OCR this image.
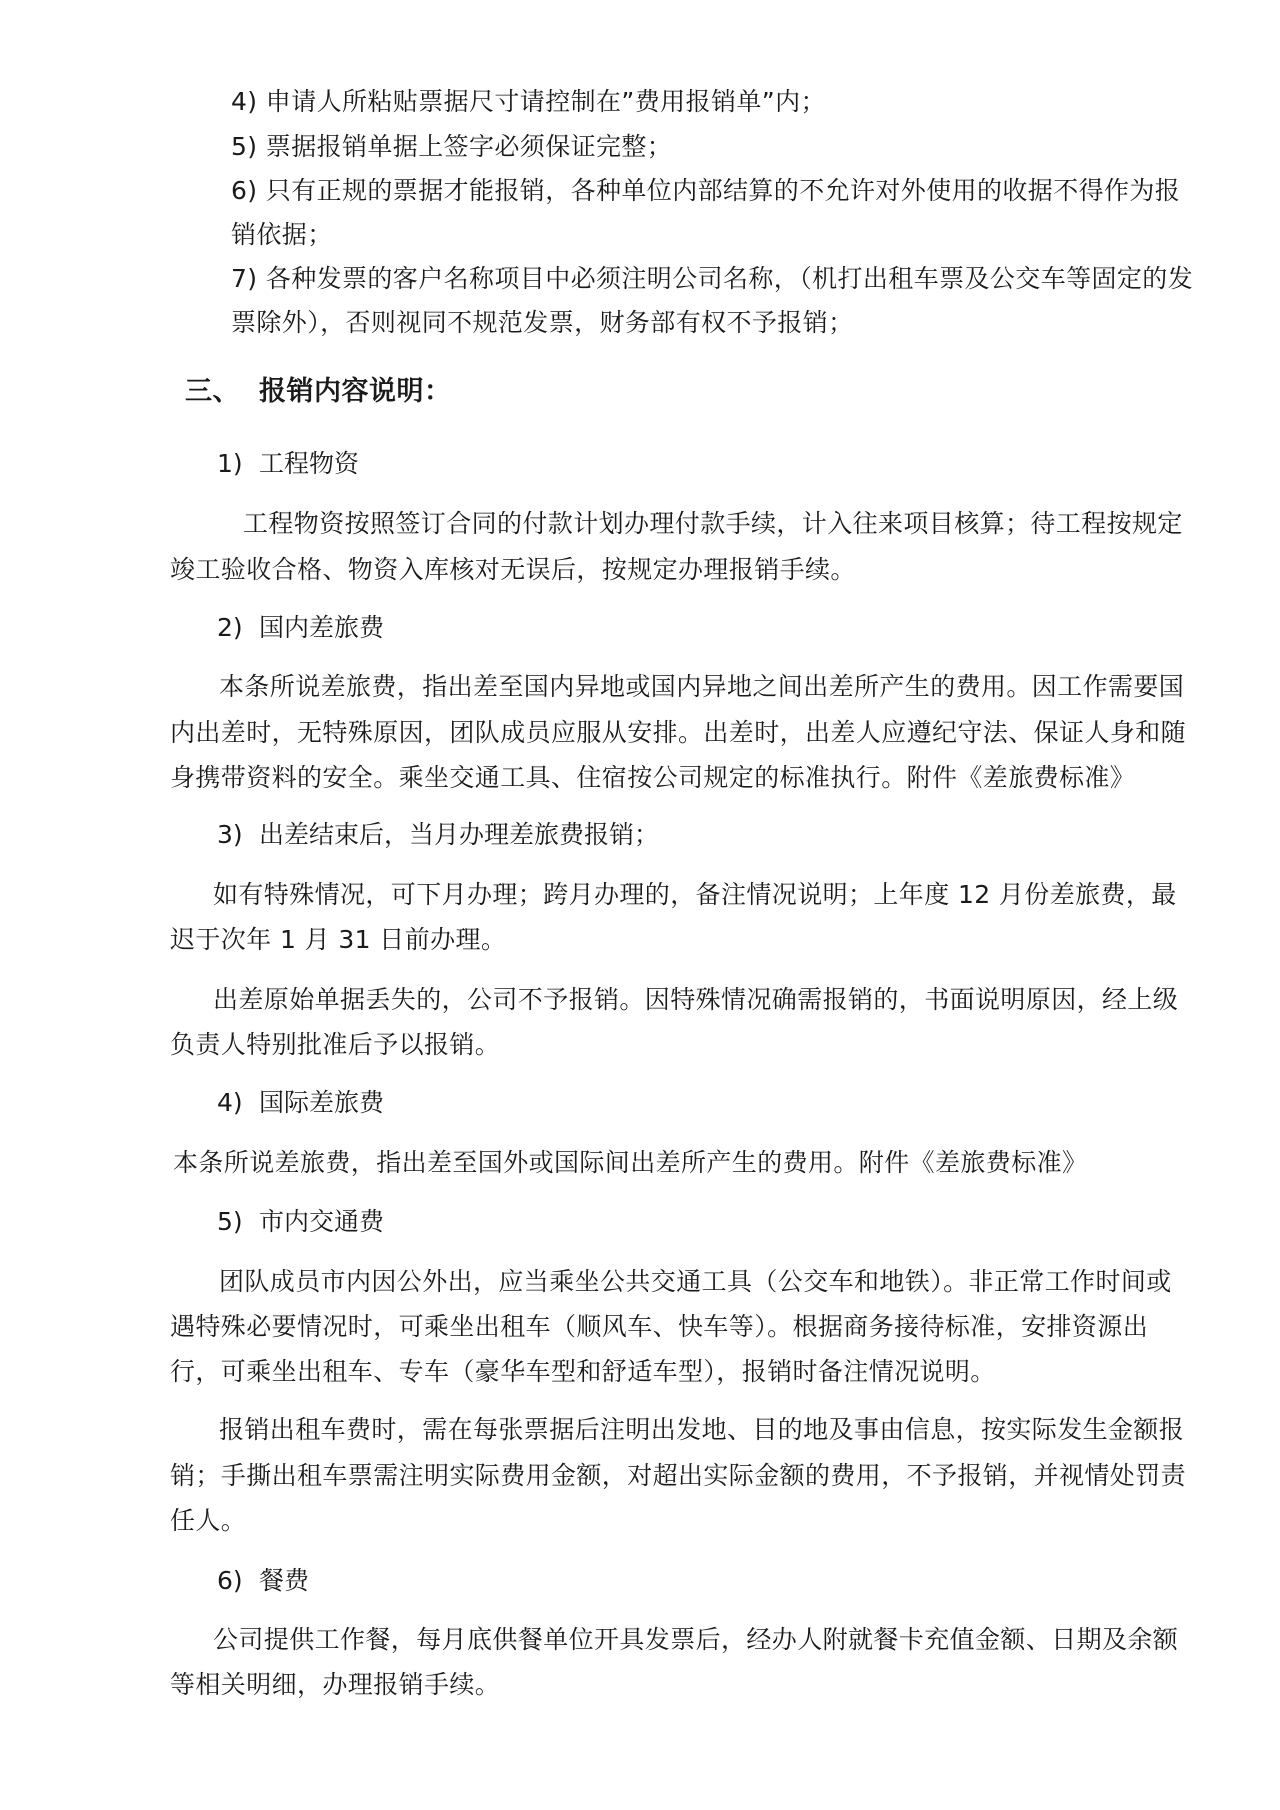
4) 申请人所粘贴票据尺寸请控制在”费用报销单”内；
5) 票据报销单据上签字必须保证完整；
6) 只有正规的票据才能报销，各种单位内部结算的不允许对外使用的收据不得作为报
销依据；
7) 各种发票的客户名称项目中必须注明公司名称，（机打出租车票及公交车等固定的发
票除外），否则视同不规范发票，财务部有权不予报销；
三、 报销内容说明：
1) 工程物资
工程物资按照签订合同的付款计划办理付款手续，计入往来项目核算；待工程按规定
竣工验收合格、物资入库核对无误后，按规定办理报销手续。
2) 国内差旅费
本条所说差旅费，指出差至国内异地或国内异地之间出差所产生的费用。因工作需要国
内出差时，无特殊原因，团队成员应服从安排。出差时，出差人应遵纪守法、保证人身和随
身携带资料的安全。乘坐交通工具、住宿按公司规定的标准执行。附件《差旅费标准》
3) 出差结束后，当月办理差旅费报销；
如有特殊情况，可下月办理；跨月办理的，备注情况说明；上年度 12 月份差旅费，最
迟于次年 1 月 31 日前办理。
出差原始单据丢失的，公司不予报销。因特殊情况确需报销的，书面说明原因，经上级
负责人特别批准后予以报销。
4) 国际差旅费
本条所说差旅费，指出差至国外或国际间出差所产生的费用。附件《差旅费标准》
5) 市内交通费
团队成员市内因公外出，应当乘坐公共交通工具（公交车和地铁）。非正常工作时间或
遇特殊必要情况时，可乘坐出租车（顺风车、快车等）。根据商务接待标准，安排资源出
行，可乘坐出租车、专车（豪华车型和舒适车型），报销时备注情况说明。
报销出租车费时，需在每张票据后注明出发地、目的地及事由信息，按实际发生金额报
销；手撕出租车票需注明实际费用金额，对超出实际金额的费用，不予报销，并视情处罚责
任人。
6) 餐费
公司提供工作餐，每月底供餐单位开具发票后，经办人附就餐卡充值金额、日期及余额
等相关明细，办理报销手续。
